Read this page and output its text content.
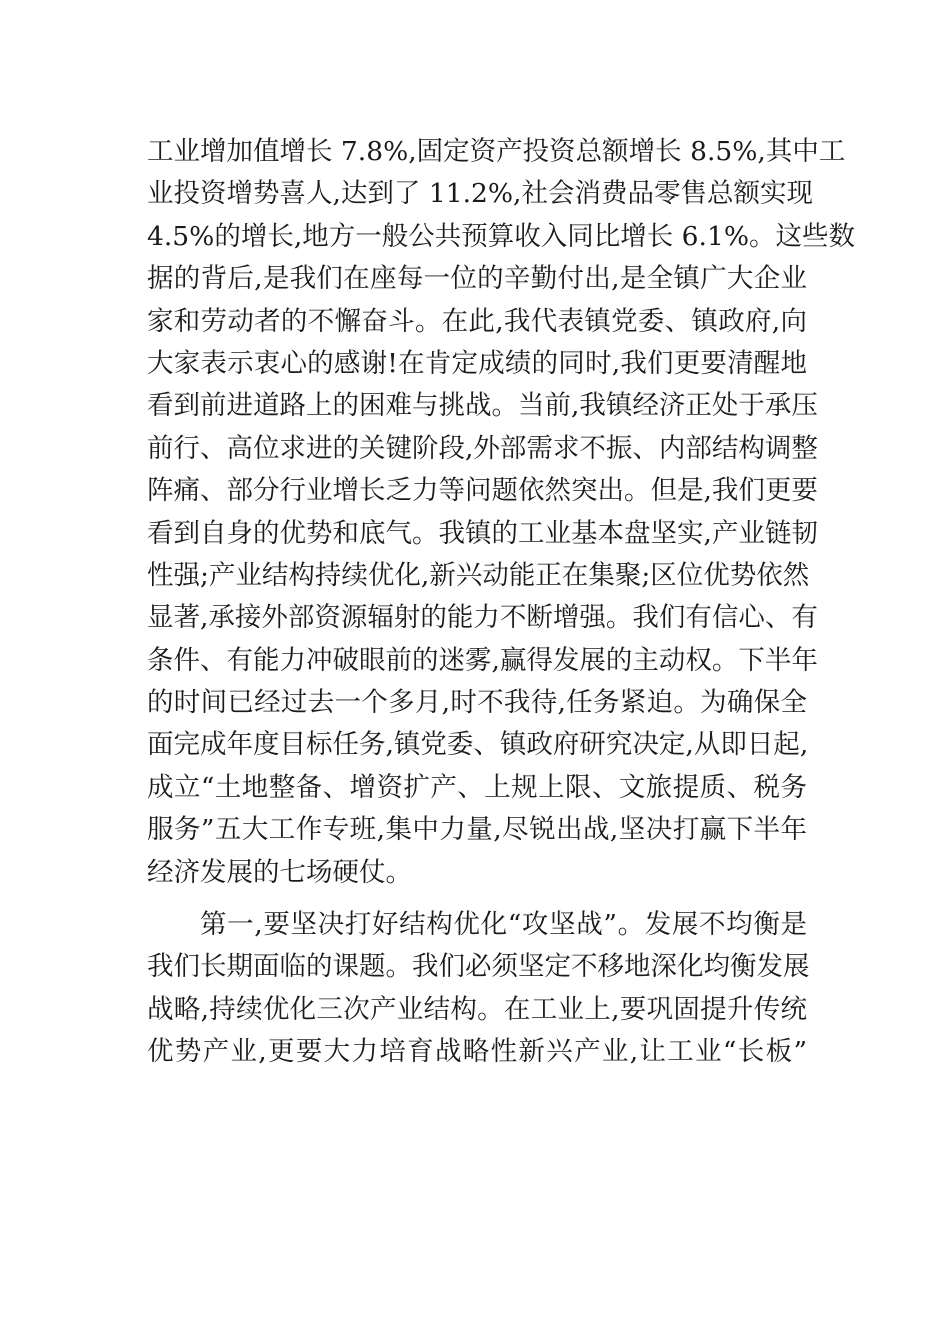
工业增加值增长 7.8%,固定资产投资总额增长 8.5%,其中工
业投资增势喜人,达到了 11.2%,社会消费品零售总额实现
4.5%的增长,地方一般公共预算收入同比增长 6.1%。这些数
据的背后,是我们在座每一位的辛勤付出,是全镇广大企业
家和劳动者的不懈奋斗。在此,我代表镇党委、镇政府,向
大家表示衷心的感谢!在肯定成绩的同时,我们更要清醒地
看到前进道路上的困难与挑战。当前,我镇经济正处于承压
前行、高位求进的关键阶段,外部需求不振、内部结构调整
阵痛、部分行业增长乏力等问题依然突出。但是,我们更要
看到自身的优势和底气。我镇的工业基本盘坚实,产业链韧
性强;产业结构持续优化,新兴动能正在集聚;区位优势依然
显著,承接外部资源辐射的能力不断增强。我们有信心、有
条件、有能力冲破眼前的迷雾,赢得发展的主动权。下半年
的时间已经过去一个多月,时不我待,任务紧迫。为确保全
面完成年度目标任务,镇党委、镇政府研究决定,从即日起,
成立“土地整备、增资扩产、上规上限、文旅提质、税务
服务”五大工作专班,集中力量,尽锐出战,坚决打赢下半年
经济发展的七场硬仗。
第一,要坚决打好结构优化“攻坚战”。发展不均衡是
我们长期面临的课题。我们必须坚定不移地深化均衡发展
战略,持续优化三次产业结构。在工业上,要巩固提升传统
优势产业,更要大力培育战略性新兴产业,让工业“长板”
